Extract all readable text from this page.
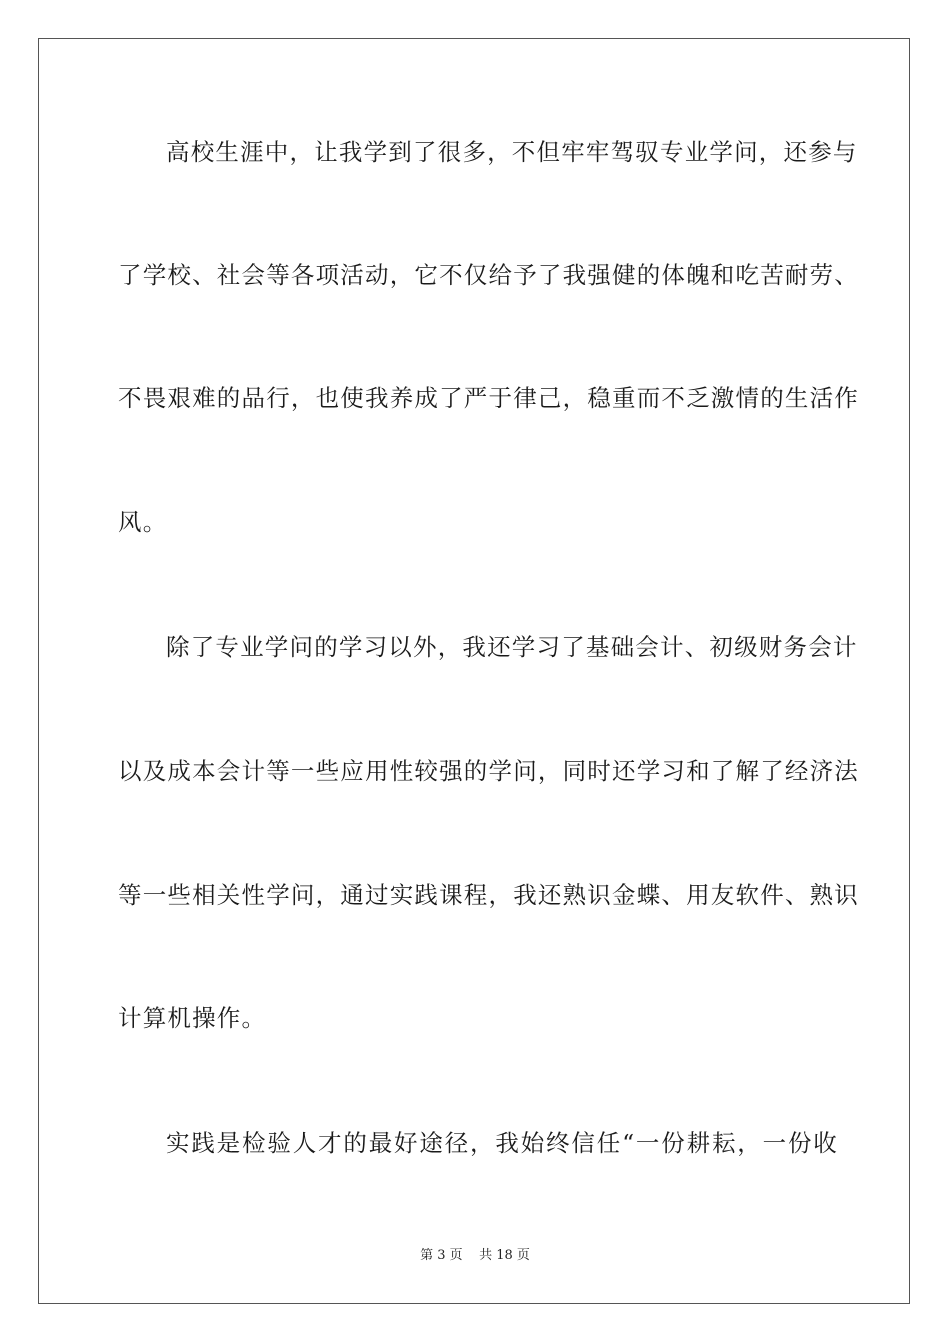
高校生涯中，让我学到了很多，不但牢牢驾驭专业学问，还参与
了学校、社会等各项活动，它不仅给予了我强健的体魄和吃苦耐劳、
不畏艰难的品行，也使我养成了严于律己，稳重而不乏激情的生活作
风。
除了专业学问的学习以外，我还学习了基础会计、初级财务会计
以及成本会计等一些应用性较强的学问，同时还学习和了解了经济法
等一些相关性学问，通过实践课程，我还熟识金蝶、用友软件、熟识
计算机操作。
实践是检验人才的最好途径，我始终信任“一份耕耘，一份收
第 3 页    共 18 页
